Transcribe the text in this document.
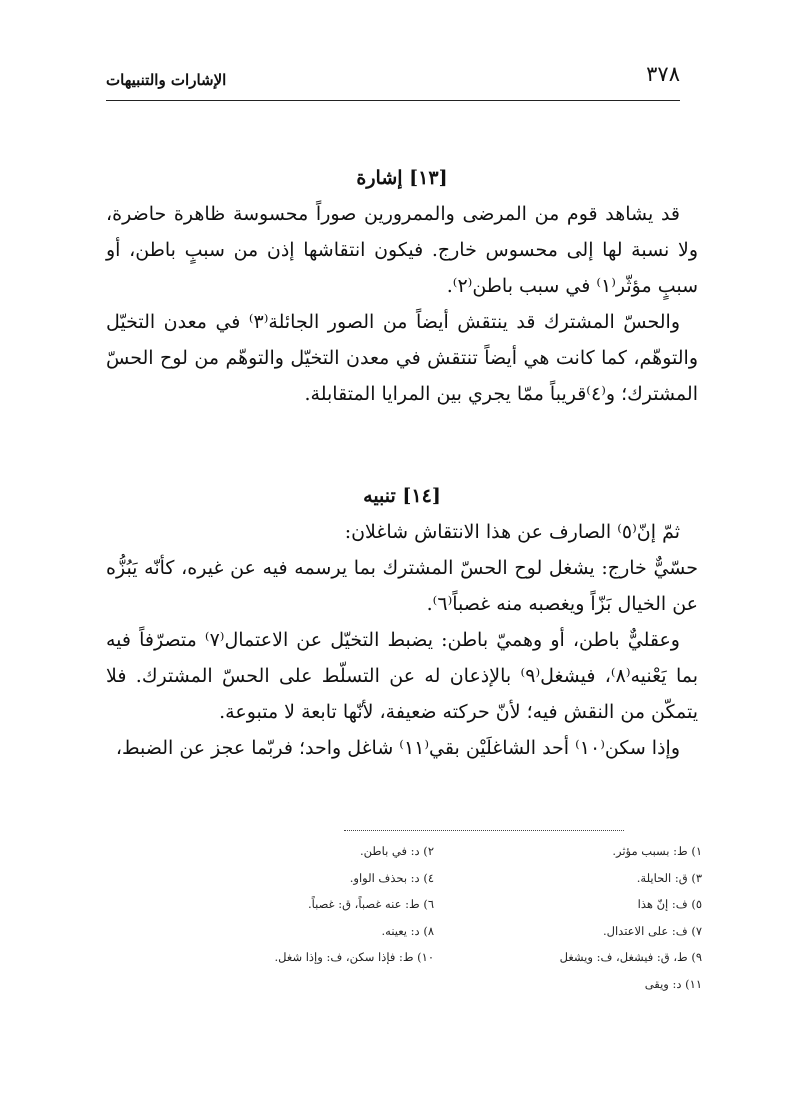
٣٧٨
الإشارات والتنبيهات

[١٣] إشارة

قد يشاهد قوم من المرضى والممرورين صوراً محسوسة ظاهرة حاضرة، ولا نسبة لها إلى محسوس خارج. فيكون انتقاشها إذن من سببٍ باطن، أو سببٍ مؤثّر⁽١⁾ في سبب باطن⁽٢⁾.

والحسّ المشترك قد ينتقش أيضاً من الصور الجائلة⁽٣⁾ في معدن التخيّل والتوهّم، كما كانت هي أيضاً تنتقش في معدن التخيّل والتوهّم من لوح الحسّ المشترك؛ و⁽٤⁾قريباً ممّا يجري بين المرايا المتقابلة.

[١٤] تنبيه

ثمّ إنّ⁽٥⁾ الصارف عن هذا الانتقاش شاغلان:

حسّيٌّ خارج: يشغل لوح الحسّ المشترك بما يرسمه فيه عن غيره، كأنّه يَبُزُّه عن الخيال بَزّاً ويغصبه منه غصباً⁽٦⁾.

وعقليٌّ باطن، أو وهميّ باطن: يضبط التخيّل عن الاعتمال⁽٧⁾ متصرّفاً فيه بما يَعْنيه⁽٨⁾، فيشغل⁽٩⁾ بالإذعان له عن التسلّط على الحسّ المشترك. فلا يتمكّن من النقش فيه؛ لأنّ حركته ضعيفة، لأنّها تابعة لا متبوعة.

وإذا سكن⁽١٠⁾ أحد الشاغلَيْن بقي⁽١١⁾ شاغل واحد؛ فربّما عجز عن الضبط،

١) ط: بسبب مؤثر.
٢) د: في باطن.
٣) ق: الحايلة.
٤) د: بحذف الواو.
٥) ف: إنّ هذا
٦) ط: عنه غصباً، ق: غصباً.
٧) ف: على الاعتدال.
٨) د: يعينه.
٩) ط، ق: فيشغل، ف: ويشغل
١٠) ط: فإذا سكن، ف: وإذا شغل.
١١) د: ويقى
